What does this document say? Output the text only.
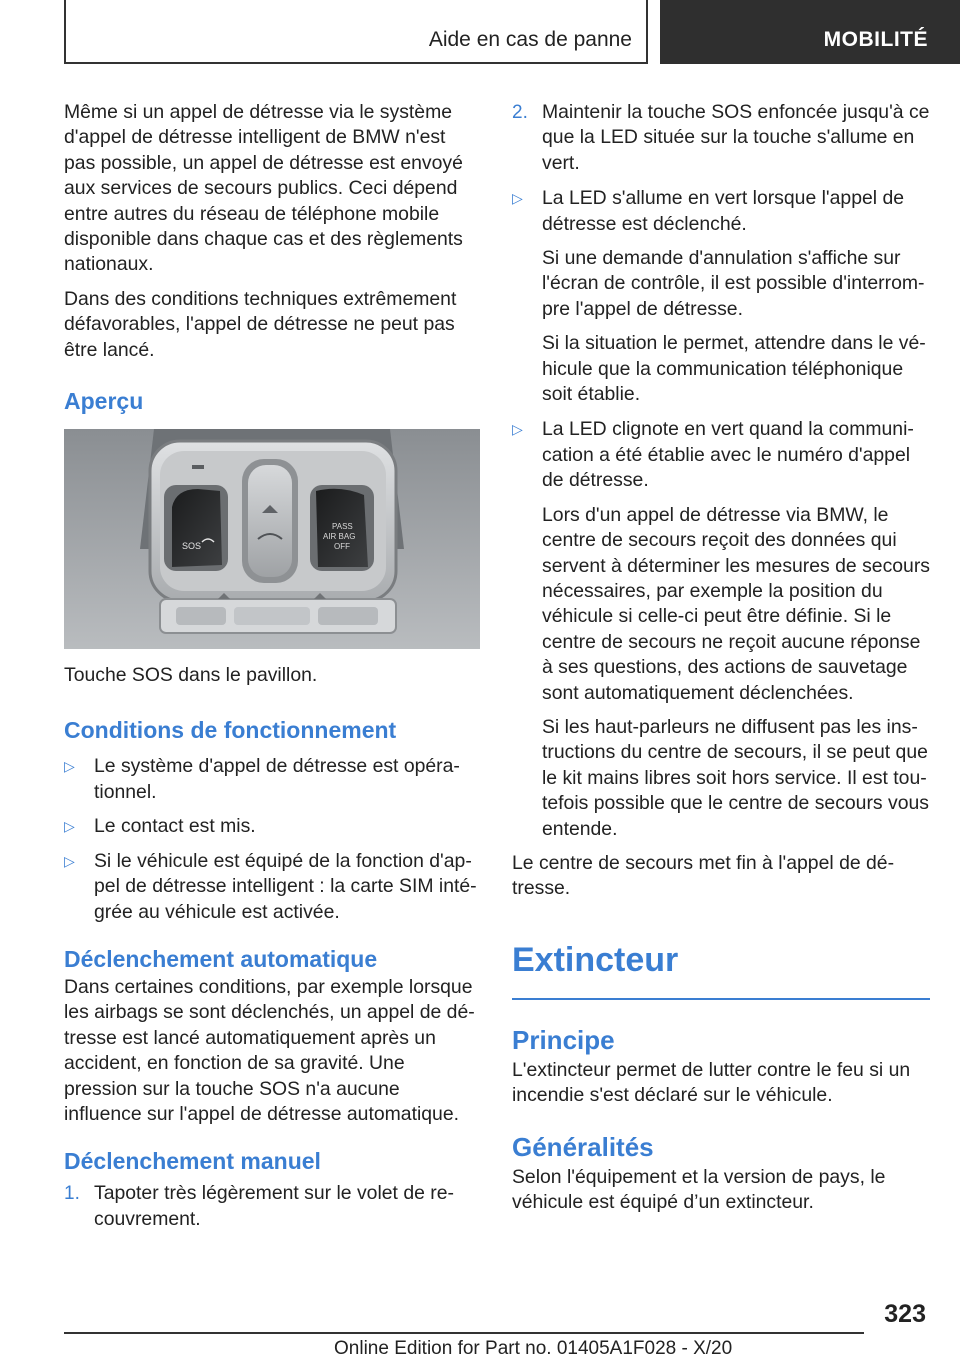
Aide en cas de panne	MOBILITÉ

Même si un appel de détresse via le système d'appel de détresse intelligent de BMW n'est pas possible, un appel de détresse est envoyé aux services de secours publics. Ceci dépend entre autres du réseau de téléphone mobile disponible dans chaque cas et des règlements nationaux.

Dans des conditions techniques extrêmement défavorables, l'appel de détresse ne peut pas être lancé.

Aperçu
SOS
PASS
AIR BAG
OFF

Touche SOS dans le pavillon.

Conditions de fonctionnement
▷ Le système d'appel de détresse est opérationnel.

▷ Le contact est mis.

▷ Si le véhicule est équipé de la fonction d'appel de détresse intelligent : la carte SIM intégrée au véhicule est activée.

Déclenchement automatique

Dans certaines conditions, par exemple lorsque les airbags se sont déclenchés, un appel de détresse est lancé automatiquement après un accident, en fonction de sa gravité. Une pression sur la touche SOS n'a aucune influence sur l'appel de détresse automatique.

Déclenchement manuel
1. Tapoter très légèrement sur le volet de recouvrement.

2. Maintenir la touche SOS enfoncée jusqu'à ce que la LED située sur la touche s'allume en vert.

▷ La LED s'allume en vert lorsque l'appel de détresse est déclenché.

Si une demande d'annulation s'affiche sur l'écran de contrôle, il est possible d'interrompre l'appel de détresse.

Si la situation le permet, attendre dans le véhicule que la communication téléphonique soit établie.

▷ La LED clignote en vert quand la communication a été établie avec le numéro d'appel de détresse.

Lors d'un appel de détresse via BMW, le centre de secours reçoit des données qui servent à déterminer les mesures de secours nécessaires, par exemple la position du véhicule si celle-ci peut être définie. Si le centre de secours ne reçoit aucune réponse à ses questions, des actions de sauvetage sont automatiquement déclenchées.

Si les haut-parleurs ne diffusent pas les instructions du centre de secours, il se peut que le kit mains libres soit hors service. Il est toutefois possible que le centre de secours vous entende.

Le centre de secours met fin à l'appel de détresse.

Extincteur
Principe

L'extincteur permet de lutter contre le feu si un incendie s'est déclaré sur le véhicule.

Généralités

Selon l'équipement et la version de pays, le véhicule est équipé d’un extincteur.

323
Online Edition for Part no. 01405A1F028 - X/20
